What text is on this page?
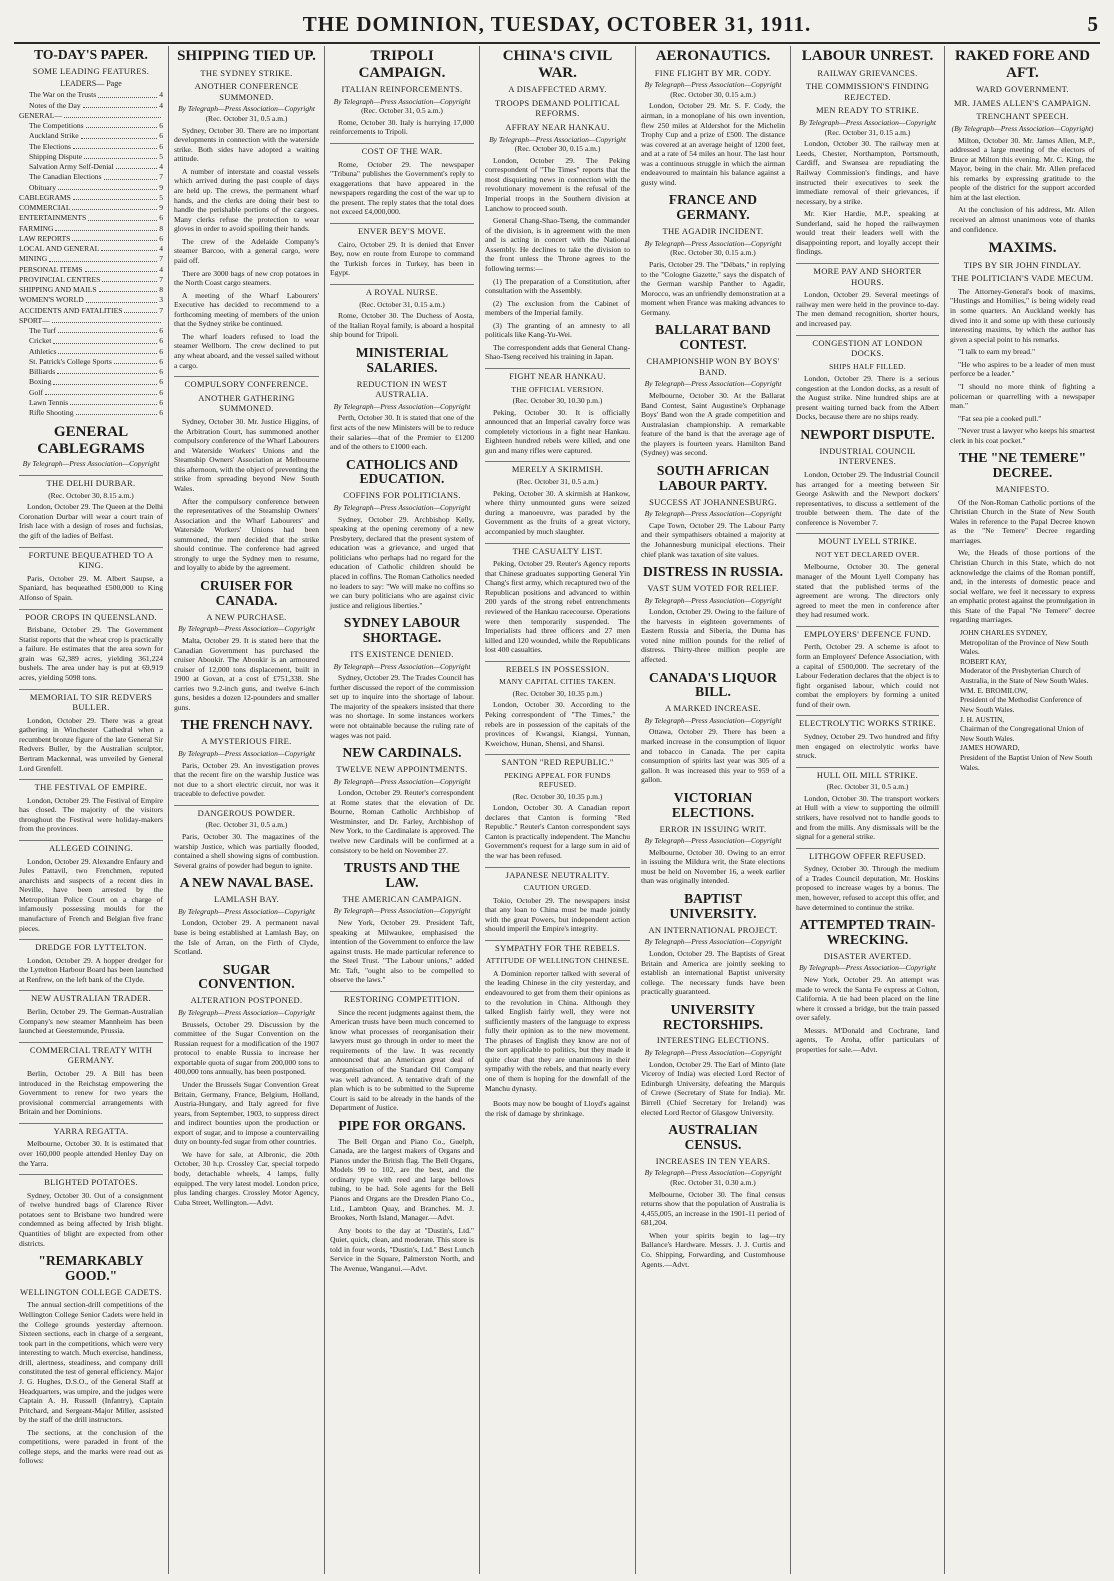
THE DOMINION, TUESDAY, OCTOBER 31, 1911.	5
TO-DAY'S PAPER.
SOME LEADING FEATURES.
LEADERS— Page
The War on the Trusts	4
Notes of the Day	4
GENERAL—
The Competitions	6
Auckland Strike	6
The Elections	6
Shipping Dispute	5
Salvation Army Self-Denial	4
The Canadian Elections	7
Obituary	9
CABLEGRAMS	5
COMMERCIAL	9
ENTERTAINMENTS	6
FARMING	8
LAW REPORTS	6
LOCAL AND GENERAL	4
MINING	7
PERSONAL ITEMS	4
PROVINCIAL CENTRES	7
SHIPPING AND MAILS	8
WOMEN'S WORLD	3
ACCIDENTS AND FATALITIES	7
SPORT—
The Turf	6
Cricket	6
Athletics	6
St. Patrick's College Sports	6
Billiards	6
Boxing	6
Golf	6
Lawn Tennis	6
Rifle Shooting	6
GENERAL CABLEGRAMS
By Telegraph—Press Association—Copyright
THE DELHI DURBAR.
(Rec. October 30, 8.15 a.m.)

London, October 29. The Queen at the Delhi Coronation Durbar will wear a court train of Irish lace with a design of roses and fuchsias, the gift of the ladies of Belfast.

FORTUNE BEQUEATHED TO A KING.

Paris, October 29. M. Albert Saupse, a Spaniard, has bequeathed £500,000 to King Alfonso of Spain.

POOR CROPS IN QUEENSLAND.

Brisbane, October 29. The Government Statist reports that the wheat crop is practically a failure. He estimates that the area sown for grain was 62,389 acres, yielding 361,224 bushels. The area under hay is put at 69,919 acres, yielding 5098 tons.

MEMORIAL TO SIR REDVERS BULLER.

London, October 29. There was a great gathering in Winchester Cathedral when a recumbent bronze figure of the late General Sir Redvers Buller, by the Australian sculptor, Bertram Mackennal, was unveiled by General Lord Grenfell.

THE FESTIVAL OF EMPIRE.

London, October 29. The Festival of Empire has closed. The majority of the visitors throughout the Festival were holiday-makers from the provinces.

ALLEGED COINING.

London, October 29. Alexandre Enfaury and Jules Pattavil, two Frenchmen, reputed anarchists and suspects of a recent dies in Neville, have been arrested by the Metropolitan Police Court on a charge of infamously possessing moulds for the manufacture of French and Belgian five franc pieces.

DREDGE FOR LYTTELTON.

London, October 29. A hopper dredger for the Lyttelton Harbour Board has been launched at Renfrew, on the left bank of the Clyde.

NEW AUSTRALIAN TRADER.

Berlin, October 29. The German-Australian Company's new steamer Mannheim has been launched at Geestemunde, Prussia.

COMMERCIAL TREATY WITH GERMANY.

Berlin, October 29. A Bill has been introduced in the Reichstag empowering the Government to renew for two years the provisional commercial arrangements with Britain and her Dominions.

YARRA REGATTA.

Melbourne, October 30. It is estimated that over 160,000 people attended Henley Day on the Yarra.

BLIGHTED POTATOES.

Sydney, October 30. Out of a consignment of twelve hundred bags of Clarence River potatoes sent to Brisbane two hundred were condemned as being affected by Irish blight. Quantities of blight are expected from other districts.

"REMARKABLY GOOD."
WELLINGTON COLLEGE CADETS.

The annual section-drill competitions of the Wellington College Senior Cadets were held in the College grounds yesterday afternoon. Sixteen sections, each in charge of a sergeant, took part in the competitions, which were very interesting to watch. Much exercise, handiness, drill, alertness, steadiness, and company drill constituted the test of general efficiency. Major J. G. Hughes, D.S.O., of the General Staff at Headquarters, was umpire, and the judges were Captain A. H. Russell (Infantry), Captain Pritchard, and Sergeant-Major Miller, assisted by the staff of the drill instructors.

The sections, at the conclusion of the competitions, were paraded in front of the college steps, and the marks were read out as follows:

SHIPPING TIED UP.
THE SYDNEY STRIKE.
ANOTHER CONFERENCE SUMMONED.
By Telegraph—Press Association—Copyright
(Rec. October 31, 0.5 a.m.)

Sydney, October 30. There are no important developments in connection with the waterside strike. Both sides have adopted a waiting attitude.

A number of interstate and coastal vessels which arrived during the past couple of days are held up. The crews, the permanent wharf hands, and the clerks are doing their best to handle the perishable portions of the cargoes. Many clerks refuse the protection to wear gloves in order to avoid spoiling their hands.

The crew of the Adelaide Company's steamer Barcoo, with a general cargo, were paid off.

There are 3000 bags of new crop potatoes in the North Coast cargo steamers.

A meeting of the Wharf Labourers' Executive has decided to recommend to a forthcoming meeting of members of the union that the Sydney strike be continued.

The wharf loaders refused to load the steamer Wellborn. The crew declined to put any wheat aboard, and the vessel sailed without a cargo.

COMPULSORY CONFERENCE.
ANOTHER GATHERING SUMMONED.

Sydney, October 30. Mr. Justice Higgins, of the Arbitration Court, has summoned another compulsory conference of the Wharf Labourers and Waterside Workers' Unions and the Steamship Owners' Association at Melbourne this afternoon, with the object of preventing the strike from spreading beyond New South Wales.

After the compulsory conference between the representatives of the Steamship Owners' Association and the Wharf Labourers' and Waterside Workers' Unions had been summoned, the men decided that the strike should continue. The conference had agreed strongly to urge the Sydney men to resume, and loyally to abide by the agreement.

CRUISER FOR CANADA.
A NEW PURCHASE.
By Telegraph—Press Association—Copyright

Malta, October 29. It is stated here that the Canadian Government has purchased the cruiser Aboukir. The Aboukir is an armoured cruiser of 12,000 tons displacement, built in 1900 at Govan, at a cost of £751,338. She carries two 9.2-inch guns, and twelve 6-inch guns, besides a dozen 12-pounders and smaller guns.

THE FRENCH NAVY.
A MYSTERIOUS FIRE.
By Telegraph—Press Association—Copyright

Paris, October 29. An investigation proves that the recent fire on the warship Justice was not due to a short electric circuit, nor was it traceable to defective powder.

DANGEROUS POWDER.
(Rec. October 31, 0.5 a.m.)

Paris, October 30. The magazines of the warship Justice, which was partially flooded, contained a shell showing signs of combustion. Several grains of powder had begun to ignite.

A NEW NAVAL BASE.
LAMLASH BAY.
By Telegraph—Press Association—Copyright

London, October 29. A permanent naval base is being established at Lamlash Bay, on the Isle of Arran, on the Firth of Clyde, Scotland.

SUGAR CONVENTION.
ALTERATION POSTPONED.
By Telegraph—Press Association—Copyright

Brussels, October 29. Discussion by the committee of the Sugar Convention on the Russian request for a modification of the 1907 protocol to enable Russia to increase her exportable quota of sugar from 200,000 tons to 400,000 tons annually, has been postponed.

Under the Brussels Sugar Convention Great Britain, Germany, France, Belgium, Holland, Austria-Hungary, and Italy agreed for five years, from September, 1903, to suppress direct and indirect bounties upon the production or export of sugar, and to impose a countervailing duty on bounty-fed sugar from other countries.

We have for sale, at Albronic, die 20th October, 30 h.p. Crossley Car, special torpedo body, detachable wheels, 4 lamps, fully equipped. The very latest model. London price, plus landing charges. Crossley Motor Agency, Cuba Street, Wellington.—Advt.

TRIPOLI CAMPAIGN.
ITALIAN REINFORCEMENTS.
By Telegraph—Press Association—Copyright
(Rec. October 31, 0.5 a.m.)

Rome, October 30. Italy is hurrying 17,000 reinforcements to Tripoli.

COST OF THE WAR.

Rome, October 29. The newspaper "Tribuna" publishes the Government's reply to exaggerations that have appeared in the newspapers regarding the cost of the war up to the present. The reply states that the total does not exceed £4,000,000.

ENVER BEY'S MOVE.

Cairo, October 29. It is denied that Enver Bey, now en route from Europe to command the Turkish forces in Turkey, has been in Egypt.

A ROYAL NURSE.
(Rec. October 31, 0.15 a.m.)

Rome, October 30. The Duchess of Aosta, of the Italian Royal family, is aboard a hospital ship bound for Tripoli.

MINISTERIAL SALARIES.
REDUCTION IN WEST AUSTRALIA.
By Telegraph—Press Association—Copyright

Perth, October 30. It is stated that one of the first acts of the new Ministers will be to reduce their salaries—that of the Premier to £1200 and of the others to £1000 each.

CATHOLICS AND EDUCATION.
COFFINS FOR POLITICIANS.
By Telegraph—Press Association—Copyright

Sydney, October 29. Archbishop Kelly, speaking at the opening ceremony of a new Presbytery, declared that the present system of education was a grievance, and urged that politicians who perhaps had no regard for the education of Catholic children should be placed in coffins. The Roman Catholics needed no leaders to say: "We will make no coffins so we can bury politicians who are against civic justice and religious liberties."

SYDNEY LABOUR SHORTAGE.
ITS EXISTENCE DENIED.
By Telegraph—Press Association—Copyright

Sydney, October 29. The Trades Council has further discussed the report of the commission set up to inquire into the shortage of labour. The majority of the speakers insisted that there was no shortage. In some instances workers were not obtainable because the ruling rate of wages was not paid.

NEW CARDINALS.
TWELVE NEW APPOINTMENTS.
By Telegraph—Press Association—Copyright

London, October 29. Reuter's correspondent at Rome states that the elevation of Dr. Bourne, Roman Catholic Archbishop of Westminster, and Dr. Farley, Archbishop of New York, to the Cardinalate is approved. The twelve new Cardinals will be confirmed at a consistory to be held on November 27.

TRUSTS AND THE LAW.
THE AMERICAN CAMPAIGN.
By Telegraph—Press Association—Copyright

New York, October 29. President Taft, speaking at Milwaukee, emphasised the intention of the Government to enforce the law against trusts. He made particular reference to the Steel Trust. "The Labour unions," added Mr. Taft, "ought also to be compelled to observe the laws."

RESTORING COMPETITION.

Since the recent judgments against them, the American trusts have been much concerned to know what processes of reorganisation their lawyers must go through in order to meet the requirements of the law. It was recently announced that an American great deal of reorganisation of the Standard Oil Company was well advanced. A tentative draft of the plan which is to be submitted to the Supreme Court is said to be already in the hands of the Department of Justice.

PIPE FOR ORGANS.

The Bell Organ and Piano Co., Guelph, Canada, are the largest makers of Organs and Pianos under the British flag. The Bell Organs, Models 99 to 102, are the best, and the ordinary type with reed and large bellows tubing, to be had. Sole agents for the Bell Pianos and Organs are the Dresden Piano Co., Ltd., Lambton Quay, and Branches. M. J. Brookes, North Island, Manager.—Advt.

Any boots to the day at "Dustin's, Ltd." Quiet, quick, clean, and moderate. This store is told in four words, "Dustin's, Ltd." Best Lunch Service in the Square, Palmerston North, and The Avenue, Wanganui.—Advt.

CHINA'S CIVIL WAR.
A DISAFFECTED ARMY.
TROOPS DEMAND POLITICAL REFORMS.
AFFRAY NEAR HANKAU.
By Telegraph—Press Association—Copyright
(Rec. October 30, 0.15 a.m.)

London, October 29. The Peking correspondent of "The Times" reports that the most disquieting news in connection with the revolutionary movement is the refusal of the Imperial troops in the Southern division at Lanchow to proceed south.

General Chang-Shao-Tseng, the commander of the division, is in agreement with the men and is acting in concert with the National Assembly. He declines to take the division to the front unless the Throne agrees to the following terms:—

(1) The preparation of a Constitution, after consultation with the Assembly.

(2) The exclusion from the Cabinet of members of the Imperial family.

(3) The granting of an amnesty to all politicals like Kang-Yu-Wei.

The correspondent adds that General Chang-Shao-Tseng received his training in Japan.

FIGHT NEAR HANKAU.
THE OFFICIAL VERSION.
(Rec. October 30, 10.30 p.m.)

Peking, October 30. It is officially announced that an Imperial cavalry force was completely victorious in a fight near Hankau. Eighteen hundred rebels were killed, and one gun and many rifles were captured.

MERELY A SKIRMISH.
(Rec. October 31, 0.5 a.m.)

Peking, October 30. A skirmish at Hankow, where thirty unmounted guns were seized during a manoeuvre, was paraded by the Government as the fruits of a great victory, accompanied by much slaughter.

THE CASUALTY LIST.

Peking, October 29. Reuter's Agency reports that Chinese graduates supporting General Yin Chang's first army, which recaptured two of the Republican positions and advanced to within 200 yards of the strong rebel entrenchments reviewed of the Hankau racecourse. Operations were then temporarily suspended. The Imperialists had three officers and 27 men killed and 120 wounded, while the Republicans lost 400 casualties.

REBELS IN POSSESSION.
MANY CAPITAL CITIES TAKEN.
(Rec. October 30, 10.35 p.m.)

London, October 30. According to the Peking correspondent of "The Times," the rebels are in possession of the capitals of the provinces of Kwangsi, Kiangsi, Yunnan, Kweichow, Hunan, Shensi, and Shansi.

SANTON "RED REPUBLIC."
PEKING APPEAL FOR FUNDS REFUSED.
(Rec. October 30, 10.35 p.m.)

London, October 30. A Canadian report declares that Canton is forming "Red Republic." Reuter's Canton correspondent says Canton is practically independent. The Manchu Government's request for a large sum in aid of the war has been refused.

JAPANESE NEUTRALITY.
CAUTION URGED.

Tokio, October 29. The newspapers insist that any loan to China must be made jointly with the great Powers, but independent action should imperil the Empire's integrity.

SYMPATHY FOR THE REBELS.
ATTITUDE OF WELLINGTON CHINESE.

A Dominion reporter talked with several of the leading Chinese in the city yesterday, and endeavoured to get from them their opinions as to the revolution in China. Although they talked English fairly well, they were not sufficiently masters of the language to express fully their opinion as to the new movement. The phrases of English they know are not of the sort applicable to politics, but they made it quite clear that they are unanimous in their sympathy with the rebels, and that nearly every one of them is hoping for the downfall of the Manchu dynasty.

Boots may now be bought of Lloyd's against the risk of damage by shrinkage.

AERONAUTICS.
FINE FLIGHT BY MR. CODY.
By Telegraph—Press Association—Copyright
(Rec. October 30, 0.15 a.m.)

London, October 29. Mr. S. F. Cody, the airman, in a monoplane of his own invention, flew 250 miles at Aldershot for the Michelin Trophy Cup and a prize of £500. The distance was covered at an average height of 1200 feet, and at a rate of 54 miles an hour. The last hour was a continuous struggle in which the airman endeavoured to maintain his balance against a gusty wind.

FRANCE AND GERMANY.
THE AGADIR INCIDENT.
By Telegraph—Press Association—Copyright
(Rec. October 30, 0.15 a.m.)

Paris, October 29. The "Débats," in replying to the "Cologne Gazette," says the dispatch of the German warship Panther to Agadir, Morocco, was an unfriendly demonstration at a moment when France was making advances to Germany.

BALLARAT BAND CONTEST.
CHAMPIONSHIP WON BY BOYS' BAND.
By Telegraph—Press Association—Copyright

Melbourne, October 30. At the Ballarat Band Contest, Saint Augustine's Orphanage Boys' Band won the A grade competition and Australasian championship. A remarkable feature of the band is that the average age of the players is fourteen years. Hamilton Band (Sydney) was second.

SOUTH AFRICAN LABOUR PARTY.
SUCCESS AT JOHANNESBURG.
By Telegraph—Press Association—Copyright

Cape Town, October 29. The Labour Party and their sympathisers obtained a majority at the Johannesburg municipal elections. Their chief plank was taxation of site values.

DISTRESS IN RUSSIA.
VAST SUM VOTED FOR RELIEF.
By Telegraph—Press Association—Copyright

London, October 29. Owing to the failure of the harvests in eighteen governments of Eastern Russia and Siberia, the Duma has voted nine million pounds for the relief of distress. Thirty-three million people are affected.

CANADA'S LIQUOR BILL.
A MARKED INCREASE.
By Telegraph—Press Association—Copyright

Ottawa, October 29. There has been a marked increase in the consumption of liquor and tobacco in Canada. The per capita consumption of spirits last year was 305 of a gallon. It was increased this year to 959 of a gallon.

VICTORIAN ELECTIONS.
ERROR IN ISSUING WRIT.
By Telegraph—Press Association—Copyright

Melbourne, October 30. Owing to an error in issuing the Mildura writ, the State elections must be held on November 16, a week earlier than was originally intended.

BAPTIST UNIVERSITY.
AN INTERNATIONAL PROJECT.
By Telegraph—Press Association—Copyright

London, October 29. The Baptists of Great Britain and America are jointly seeking to establish an international Baptist university college. The necessary funds have been practically guaranteed.

UNIVERSITY RECTORSHIPS.
INTERESTING ELECTIONS.
By Telegraph—Press Association—Copyright

London, October 29. The Earl of Minto (late Viceroy of India) was elected Lord Rector of Edinburgh University, defeating the Marquis of Crewe (Secretary of State for India). Mr. Birrell (Chief Secretary for Ireland) was elected Lord Rector of Glasgow University.

AUSTRALIAN CENSUS.
INCREASES IN TEN YEARS.
By Telegraph—Press Association—Copyright
(Rec. October 31, 0.30 a.m.)

Melbourne, October 30. The final census returns show that the population of Australia is 4,455,005, an increase in the 1901-11 period of 681,204.

When your spirits begin to lag—try Ballance's Hardware. Messrs. J. J. Curtis and Co. Shipping, Forwarding, and Customhouse Agents.—Advt.

LABOUR UNREST.
RAILWAY GRIEVANCES.
THE COMMISSION'S FINDING REJECTED.
MEN READY TO STRIKE.
By Telegraph—Press Association—Copyright
(Rec. October 31, 0.15 a.m.)

London, October 30. The railway men at Leeds, Chester, Northampton, Portsmouth, Cardiff, and Swansea are repudiating the Railway Commission's findings, and have instructed their executives to seek the immediate removal of their grievances, if necessary, by a strike.

Mr. Kier Hardie, M.P., speaking at Sunderland, said he hoped the railwaymen would treat their leaders well with the disappointing report, and loyally accept their findings.

MORE PAY AND SHORTER HOURS.

London, October 29. Several meetings of railway men were held in the province to-day. The men demand recognition, shorter hours, and increased pay.

CONGESTION AT LONDON DOCKS.
SHIPS HALF FILLED.

London, October 29. There is a serious congestion at the London docks, as a result of the August strike. Nine hundred ships are at present waiting turned back from the Albert Docks, because there are no ships ready.

NEWPORT DISPUTE.
INDUSTRIAL COUNCIL INTERVENES.

London, October 29. The Industrial Council has arranged for a meeting between Sir George Askwith and the Newport dockers' representatives, to discuss a settlement of the trouble between them. The date of the conference is November 7.

MOUNT LYELL STRIKE.
NOT YET DECLARED OVER.

Melbourne, October 30. The general manager of the Mount Lyell Company has stated that the published terms of the agreement are wrong. The directors only agreed to meet the men in conference after they had resumed work.

EMPLOYERS' DEFENCE FUND.

Perth, October 29. A scheme is afoot to form an Employers' Defence Association, with a capital of £500,000. The secretary of the Labour Federation declares that the object is to fight organised labour, which could not combat the employers by forming a united fund of their own.

ELECTROLYTIC WORKS STRIKE.

Sydney, October 29. Two hundred and fifty men engaged on electrolytic works have struck.

HULL OIL MILL STRIKE.
(Rec. October 31, 0.5 a.m.)

London, October 30. The transport workers at Hull with a view to supporting the oilmill strikers, have resolved not to handle goods to and from the mills. Any dismissals will be the signal for a general strike.

LITHGOW OFFER REFUSED.

Sydney, October 30. Through the medium of a Trades Council deputation, Mr. Hoskins proposed to increase wages by a bonus. The men, however, refused to accept this offer, and have determined to continue the strike.

ATTEMPTED TRAIN-WRECKING.
DISASTER AVERTED.
By Telegraph—Press Association—Copyright

New York, October 29. An attempt was made to wreck the Santa Fe express at Colton, California. A tie had been placed on the line where it crossed a bridge, but the train passed over safely.

Messrs. M'Donald and Cochrane, land agents, Te Aroha, offer particulars of properties for sale.—Advt.

RAKED FORE AND AFT.
WARD GOVERNMENT.
MR. JAMES ALLEN'S CAMPAIGN.
TRENCHANT SPEECH.
(By Telegraph—Press Association—Copyright)

Milton, October 30. Mr. James Allen, M.P., addressed a large meeting of the electors of Bruce at Milton this evening. Mr. C. King, the Mayor, being in the chair. Mr. Allen prefaced his remarks by expressing gratitude to the people of the district for the support accorded him at the last election.

At the conclusion of his address, Mr. Allen received an almost unanimous vote of thanks and confidence.

MAXIMS.
TIPS BY SIR JOHN FINDLAY.
THE POLITICIAN'S VADE MECUM.

The Attorney-General's book of maxims, "Hustings and Homilies," is being widely read in some quarters. An Auckland weekly has dived into it and some up with these curiously interesting maxims, by which the author has given a special point to his remarks.

"I talk to earn my bread."

"He who aspires to be a leader of men must perforce be a leader."

"I should no more think of fighting a policeman or quarrelling with a newspaper man."

"Fat sea pie a cooked pull."

"Never trust a lawyer who keeps his smartest clerk in his coat pocket."

THE "NE TEMERE" DECREE.
MANIFESTO.

Of the Non-Roman Catholic portions of the Christian Church in the State of New South Wales in reference to the Papal Decree known as the "Ne Temere" Decree regarding marriages.

We, the Heads of those portions of the Christian Church in this State, which do not acknowledge the claims of the Roman pontiff, and, in the interests of domestic peace and social welfare, we feel it necessary to express an emphatic protest against the promulgation in this State of the Papal "Ne Temere" decree regarding marriages.

JOHN CHARLES SYDNEY,
Metropolitan of the Province of New South Wales.
ROBERT KAY,
Moderator of the Presbyterian Church of Australia, in the State of New South Wales.
WM. E. BROMILOW,
President of the Methodist Conference of New South Wales.
J. H. AUSTIN,
Chairman of the Congregational Union of New South Wales.
JAMES HOWARD,
President of the Baptist Union of New South Wales.
